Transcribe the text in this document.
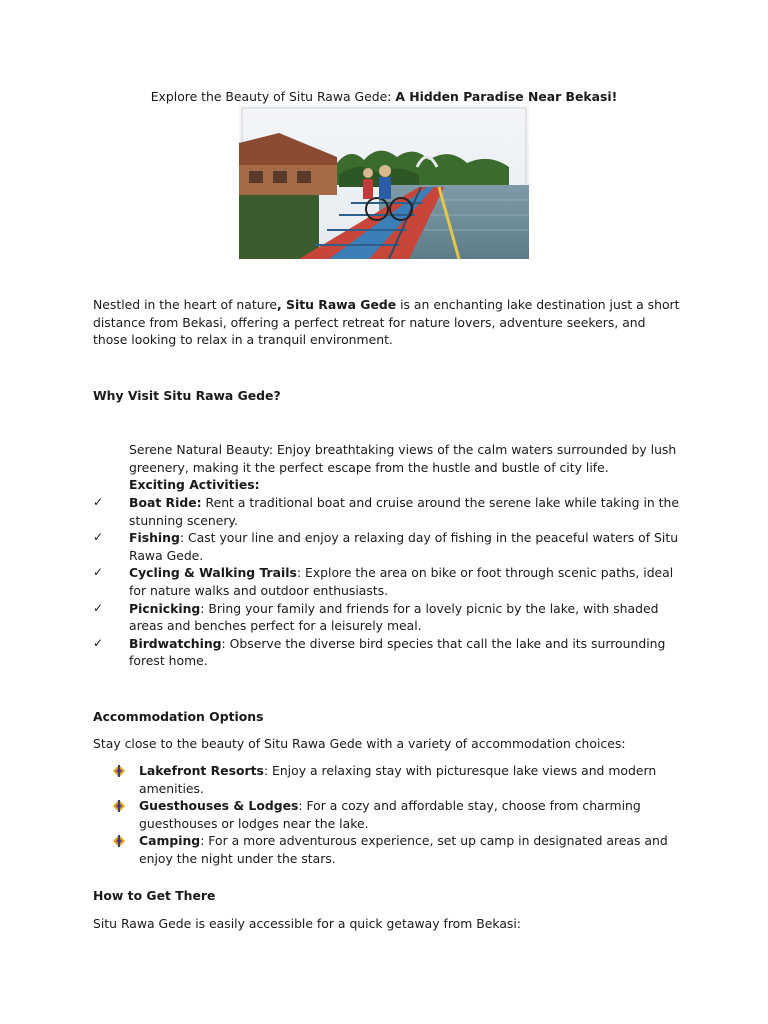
Explore the Beauty of Situ Rawa Gede: A Hidden Paradise Near Bekasi!
Nestled in the heart of nature, Situ Rawa Gede is an enchanting lake destination just a short distance from Bekasi, offering a perfect retreat for nature lovers, adventure seekers, and those looking to relax in a tranquil environment.
Why Visit Situ Rawa Gede?
Serene Natural Beauty: Enjoy breathtaking views of the calm waters surrounded by lush greenery, making it the perfect escape from the hustle and bustle of city life.
Exciting Activities:
✓ Boat Ride: Rent a traditional boat and cruise around the serene lake while taking in the stunning scenery.
✓ Fishing: Cast your line and enjoy a relaxing day of fishing in the peaceful waters of Situ Rawa Gede.
✓ Cycling & Walking Trails: Explore the area on bike or foot through scenic paths, ideal for nature walks and outdoor enthusiasts.
✓ Picnicking: Bring your family and friends for a lovely picnic by the lake, with shaded areas and benches perfect for a leisurely meal.
✓ Birdwatching: Observe the diverse bird species that call the lake and its surrounding forest home.
Accommodation Options
Stay close to the beauty of Situ Rawa Gede with a variety of accommodation choices:
Lakefront Resorts: Enjoy a relaxing stay with picturesque lake views and modern amenities.
Guesthouses & Lodges: For a cozy and affordable stay, choose from charming guesthouses or lodges near the lake.
Camping: For a more adventurous experience, set up camp in designated areas and enjoy the night under the stars.
How to Get There
Situ Rawa Gede is easily accessible for a quick getaway from Bekasi:
